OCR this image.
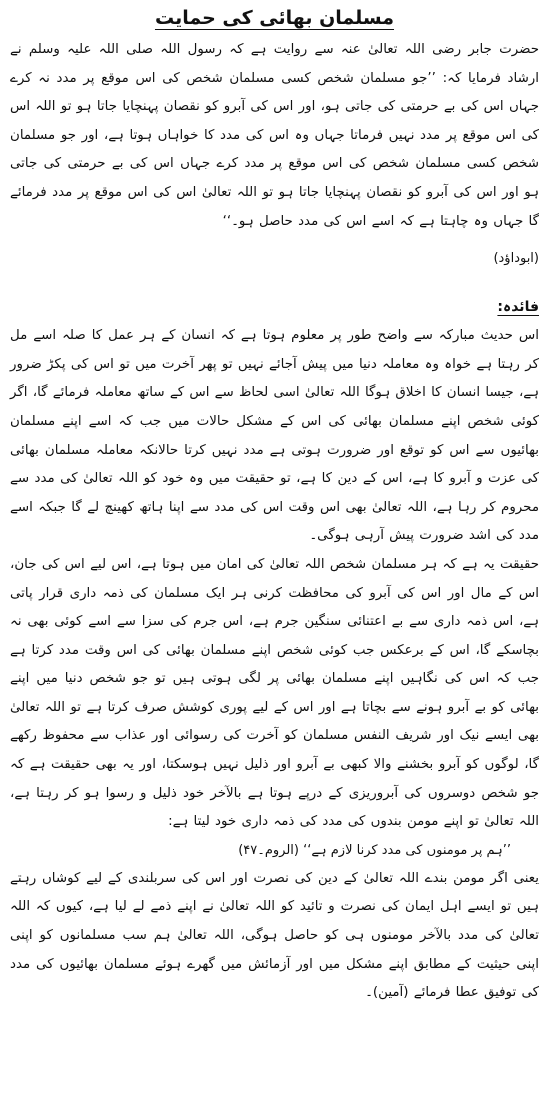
مسلمان بھائی کی حمایت

حضرت جابر رضی اللہ تعالیٰ عنہ سے روایت ہے کہ رسول اللہ صلی اللہ علیہ وسلم نے ارشاد فرمایا کہ: ’’جو مسلمان شخص کسی مسلمان شخص کی اس موقع پر مدد نہ کرے جہاں اس کی بے حرمتی کی جاتی ہو، اور اس کی آبرو کو نقصان پہنچایا جاتا ہو تو اللہ اس کی اس موقع پر مدد نہیں فرماتا جہاں وہ اس کی مدد کا خواہاں ہوتا ہے، اور جو مسلمان شخص کسی مسلمان شخص کی اس موقع پر مدد کرے جہاں اس کی بے حرمتی کی جاتی ہو اور اس کی آبرو کو نقصان پہنچایا جاتا ہو تو اللہ تعالیٰ اس کی اس موقع پر مدد فرمائے گا جہاں وہ چاہتا ہے کہ اسے اس کی مدد حاصل ہو۔‘‘

(ابوداؤد)
فائدہ:

اس حدیث مبارکہ سے واضح طور پر معلوم ہوتا ہے کہ انسان کے ہر عمل کا صلہ اسے مل کر رہتا ہے خواہ وہ معاملہ دنیا میں پیش آجائے نہیں تو پھر آخرت میں تو اس کی پکڑ ضرور ہے، جیسا انسان کا اخلاق ہوگا اللہ تعالیٰ اسی لحاظ سے اس کے ساتھ معاملہ فرمائے گا، اگر کوئی شخص اپنے مسلمان بھائی کی اس کے مشکل حالات میں جب کہ اسے اپنے مسلمان بھائیوں سے اس کو توقع اور ضرورت ہوتی ہے مدد نہیں کرتا حالانکہ معاملہ مسلمان بھائی کی عزت و آبرو کا ہے، اس کے دین کا ہے، تو حقیقت میں وہ خود کو اللہ تعالیٰ کی مدد سے محروم کر رہا ہے، اللہ تعالیٰ بھی اس وقت اس کی مدد سے اپنا ہاتھ کھینچ لے گا جبکہ اسے مدد کی اشد ضرورت پیش آرہی ہوگی۔

حقیقت یہ ہے کہ ہر مسلمان شخص اللہ تعالیٰ کی امان میں ہوتا ہے، اس لیے اس کی جان، اس کے مال اور اس کی آبرو کی محافظت کرنی ہر ایک مسلمان کی ذمہ داری قرار پاتی ہے، اس ذمہ داری سے بے اعتنائی سنگین جرم ہے، اس جرم کی سزا سے اسے کوئی بھی نہ بچاسکے گا، اس کے برعکس جب کوئی شخص اپنے مسلمان بھائی کی اس وقت مدد کرتا ہے جب کہ اس کی نگاہیں اپنے مسلمان بھائی پر لگی ہوتی ہیں تو جو شخص دنیا میں اپنے بھائی کو بے آبرو ہونے سے بچاتا ہے اور اس کے لیے پوری کوشش صرف کرتا ہے تو اللہ تعالیٰ بھی ایسے نیک اور شریف النفس مسلمان کو آخرت کی رسوائی اور عذاب سے محفوظ رکھے گا، لوگوں کو آبرو بخشنے والا کبھی بے آبرو اور ذلیل نہیں ہوسکتا، اور یہ بھی حقیقت ہے کہ جو شخص دوسروں کی آبروریزی کے درپے ہوتا ہے بالآخر خود ذلیل و رسوا ہو کر رہتا ہے، اللہ تعالیٰ تو اپنے مومن بندوں کی مدد کی ذمہ داری خود لیتا ہے:

’’ہم پر مومنوں کی مدد کرنا لازم ہے‘‘ (الروم۔۴۷)

یعنی اگر مومن بندے اللہ تعالیٰ کے دین کی نصرت اور اس کی سربلندی کے لیے کوشاں رہتے ہیں تو ایسے اہل ایمان کی نصرت و تائید کو اللہ تعالیٰ نے اپنے ذمے لے لیا ہے، کیوں کہ اللہ تعالیٰ کی مدد بالآخر مومنوں ہی کو حاصل ہوگی، اللہ تعالیٰ ہم سب مسلمانوں کو اپنی اپنی حیثیت کے مطابق اپنے مشکل میں اور آزمائش میں گھرے ہوئے مسلمان بھائیوں کی مدد کی توفیق عطا فرمائے (آمین)۔
